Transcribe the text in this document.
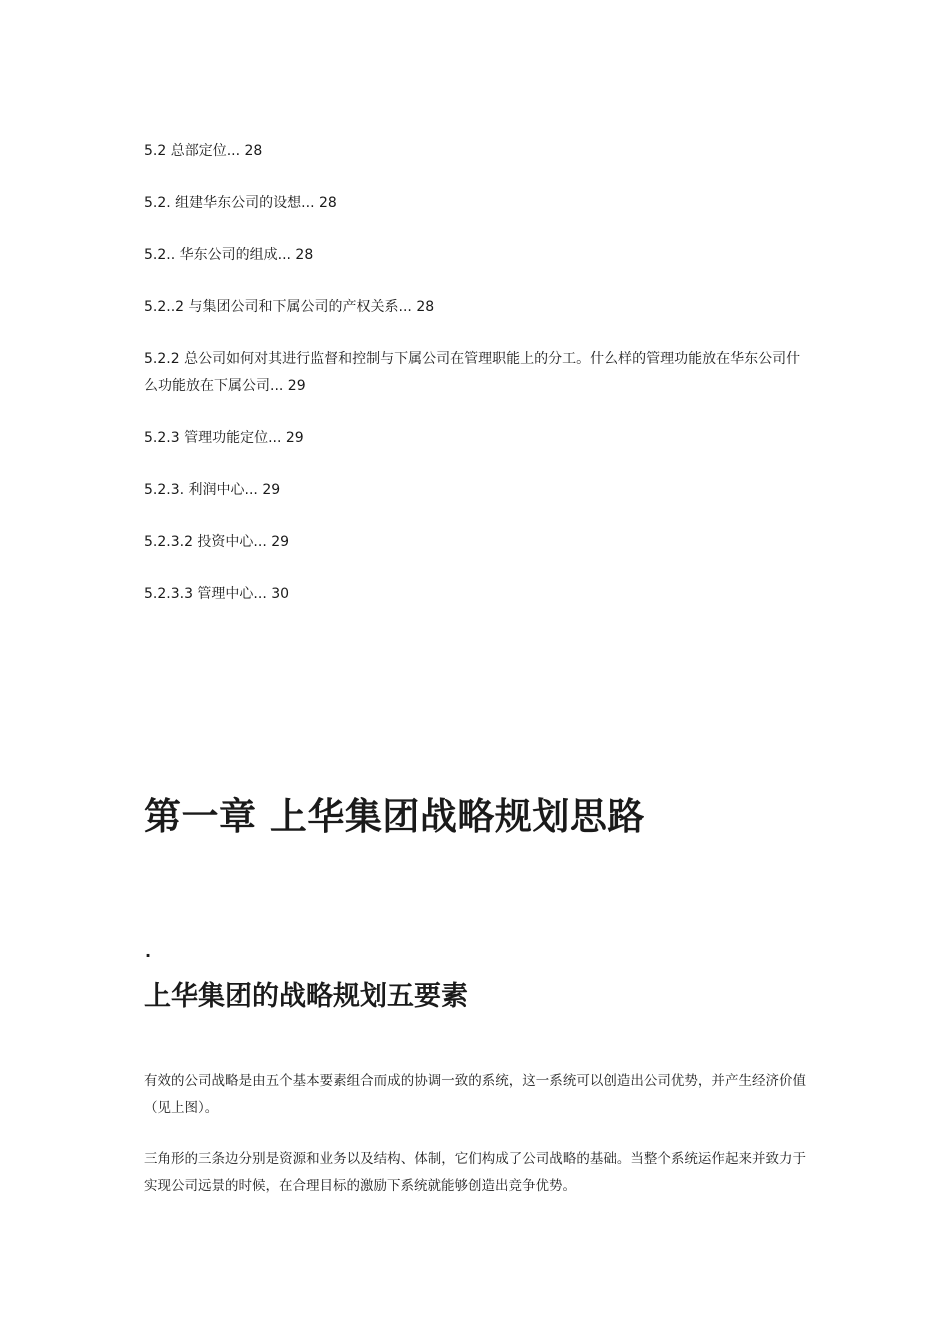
5.2 总部定位... 28

5.2. 组建华东公司的设想... 28

5.2.. 华东公司的组成... 28

5.2..2 与集团公司和下属公司的产权关系... 28

5.2.2 总公司如何对其进行监督和控制与下属公司在管理职能上的分工。什么样的管理功能放在华东公司什么功能放在下属公司... 29

5.2.3 管理功能定位... 29

5.2.3. 利润中心... 29

5.2.3.2 投资中心... 29

5.2.3.3 管理中心... 30

第一章 上华集团战略规划思路

.

上华集团的战略规划五要素

有效的公司战略是由五个基本要素组合而成的协调一致的系统，这一系统可以创造出公司优势，并产生经济价值（见上图）。

三角形的三条边分别是资源和业务以及结构、体制，它们构成了公司战略的基础。当整个系统运作起来并致力于实现公司远景的时候，在合理目标的激励下系统就能够创造出竞争优势。
